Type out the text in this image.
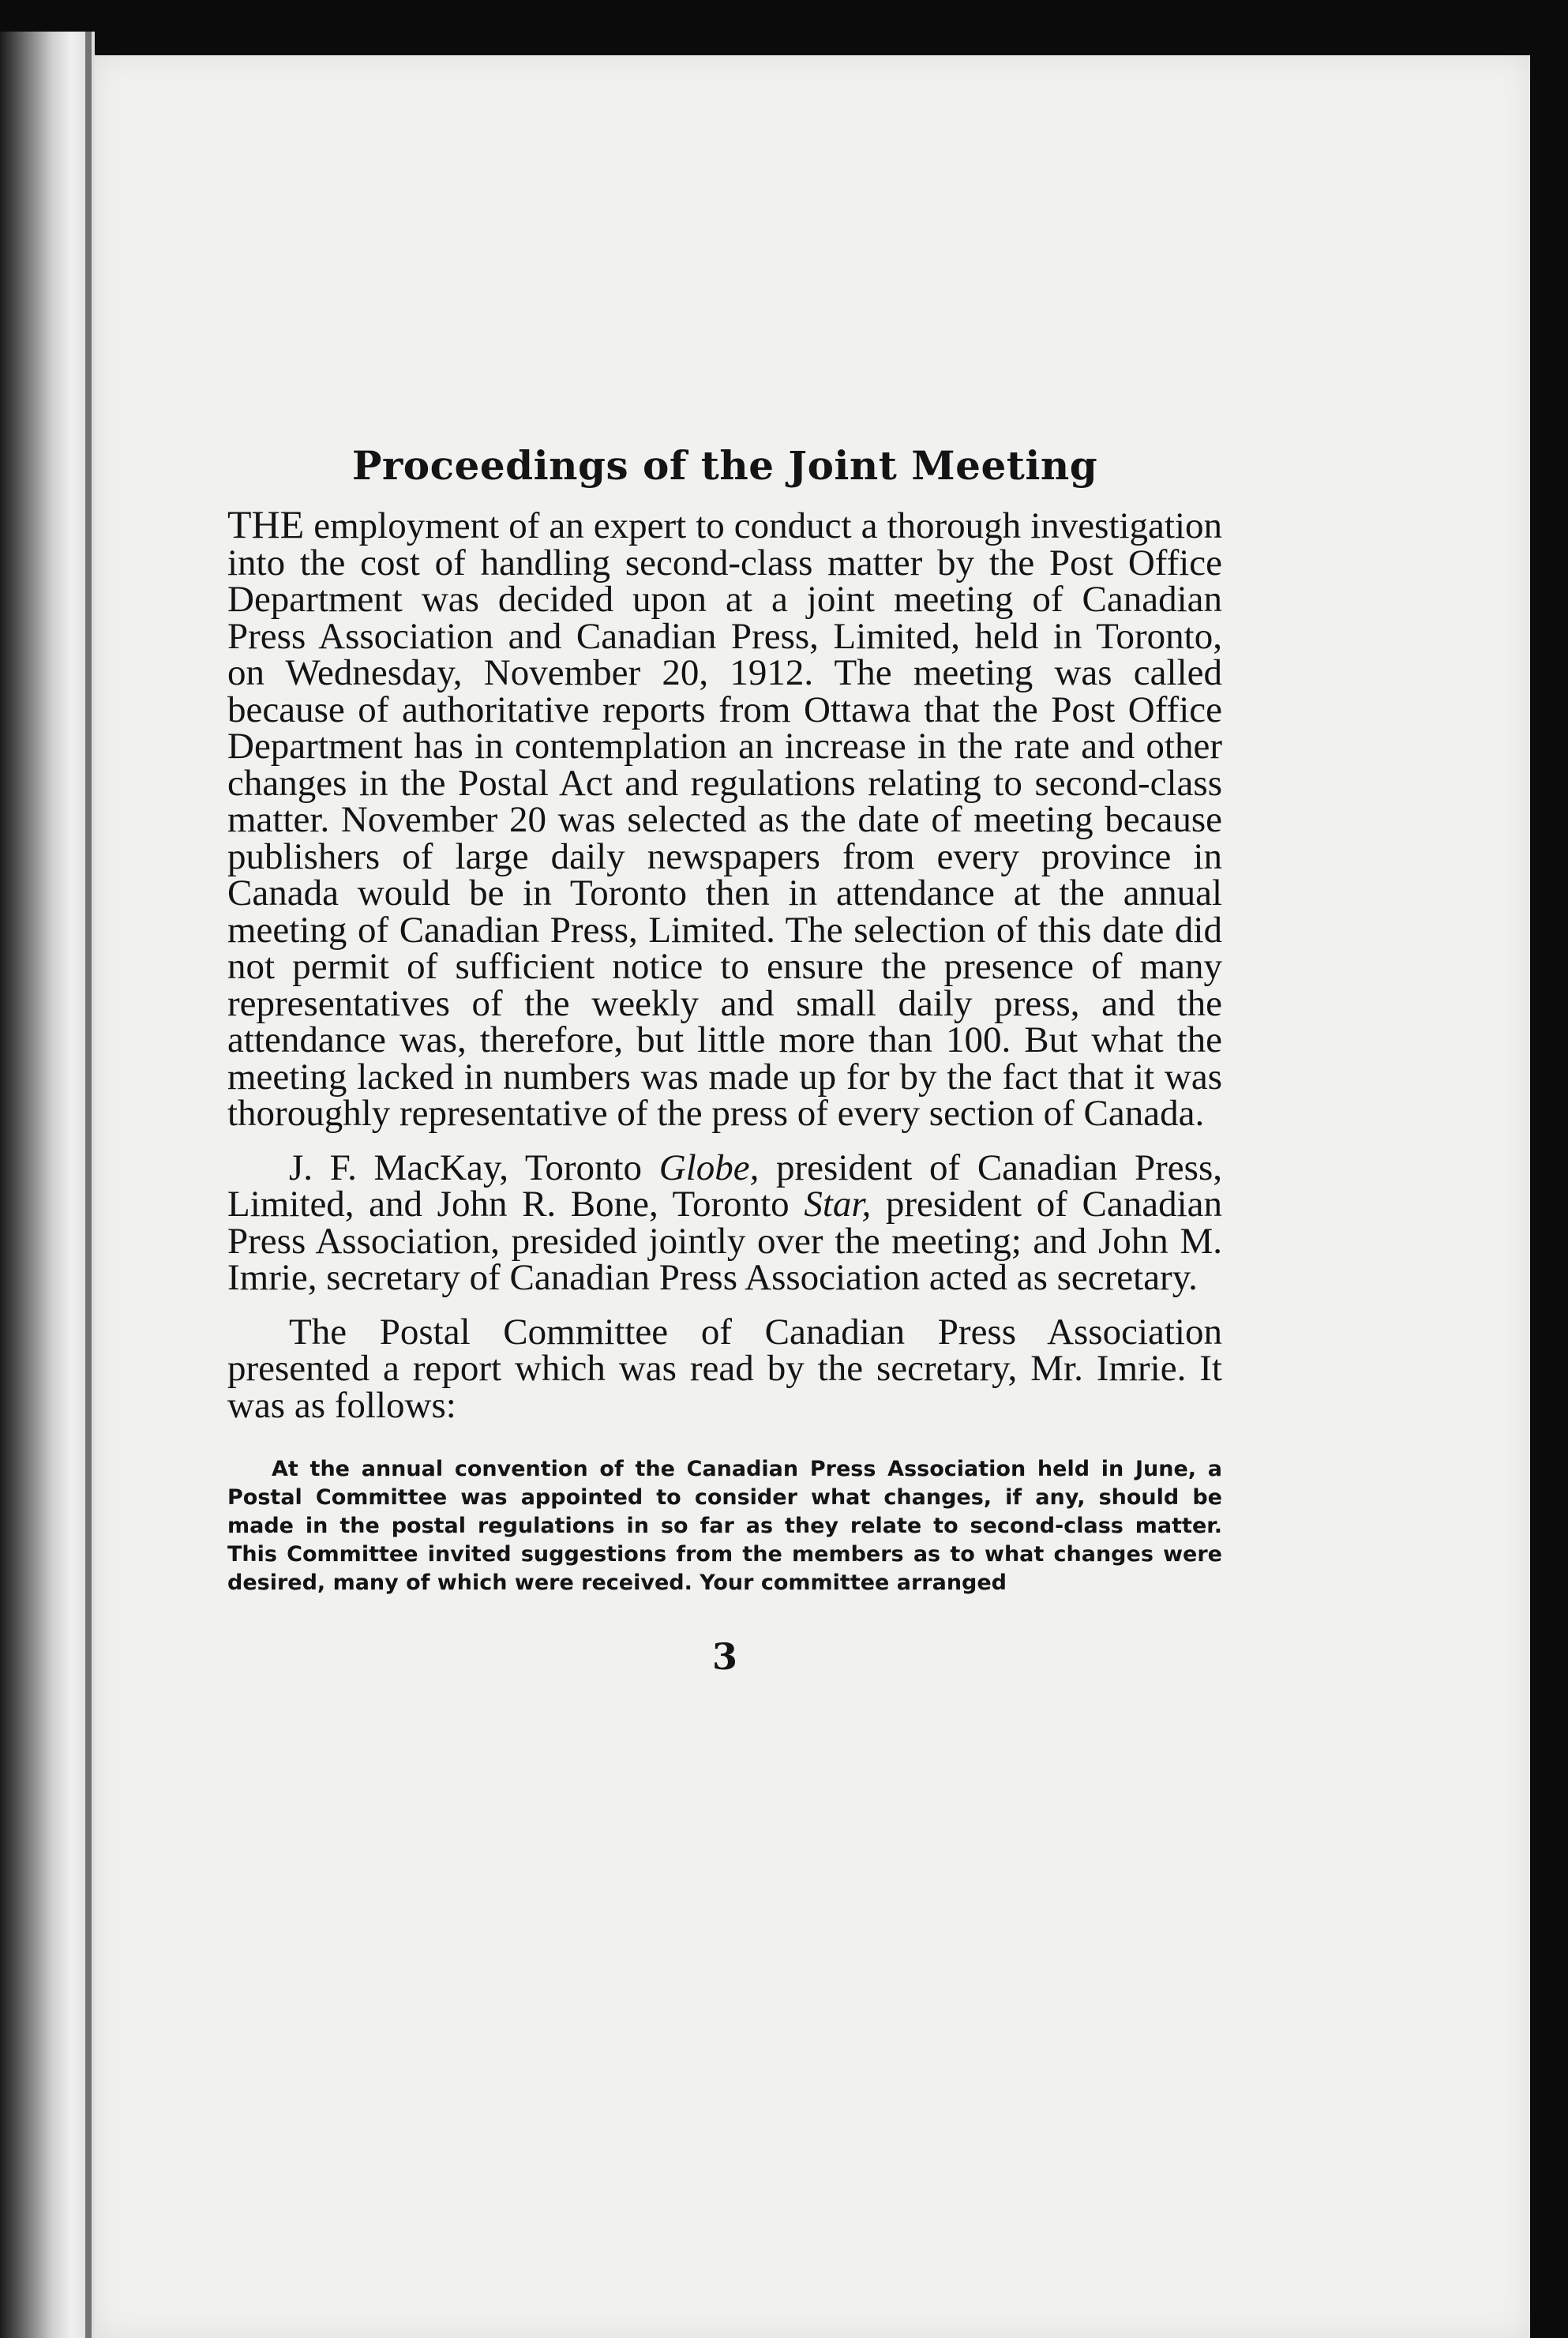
Proceedings of the Joint Meeting

THE employment of an expert to conduct a thorough investigation into the cost of handling second-class matter by the Post Office Department was decided upon at a joint meeting of Canadian Press Association and Canadian Press, Limited, held in Toronto, on Wednesday, November 20, 1912. The meeting was called because of authoritative reports from Ottawa that the Post Office Department has in contemplation an increase in the rate and other changes in the Postal Act and regulations relating to second-class matter. November 20 was selected as the date of meeting because publishers of large daily newspapers from every province in Canada would be in Toronto then in attendance at the annual meeting of Canadian Press, Limited. The selection of this date did not permit of sufficient notice to ensure the presence of many representatives of the weekly and small daily press, and the attendance was, therefore, but little more than 100. But what the meeting lacked in numbers was made up for by the fact that it was thoroughly representative of the press of every section of Canada.

J. F. MacKay, Toronto Globe, president of Canadian Press, Limited, and John R. Bone, Toronto Star, president of Canadian Press Association, presided jointly over the meeting; and John M. Imrie, secretary of Canadian Press Association acted as secretary.

The Postal Committee of Canadian Press Association presented a report which was read by the secretary, Mr. Imrie. It was as follows:

At the annual convention of the Canadian Press Association held in June, a Postal Committee was appointed to consider what changes, if any, should be made in the postal regulations in so far as they relate to second-class matter. This Committee invited suggestions from the members as to what changes were desired, many of which were received. Your committee arranged

3
